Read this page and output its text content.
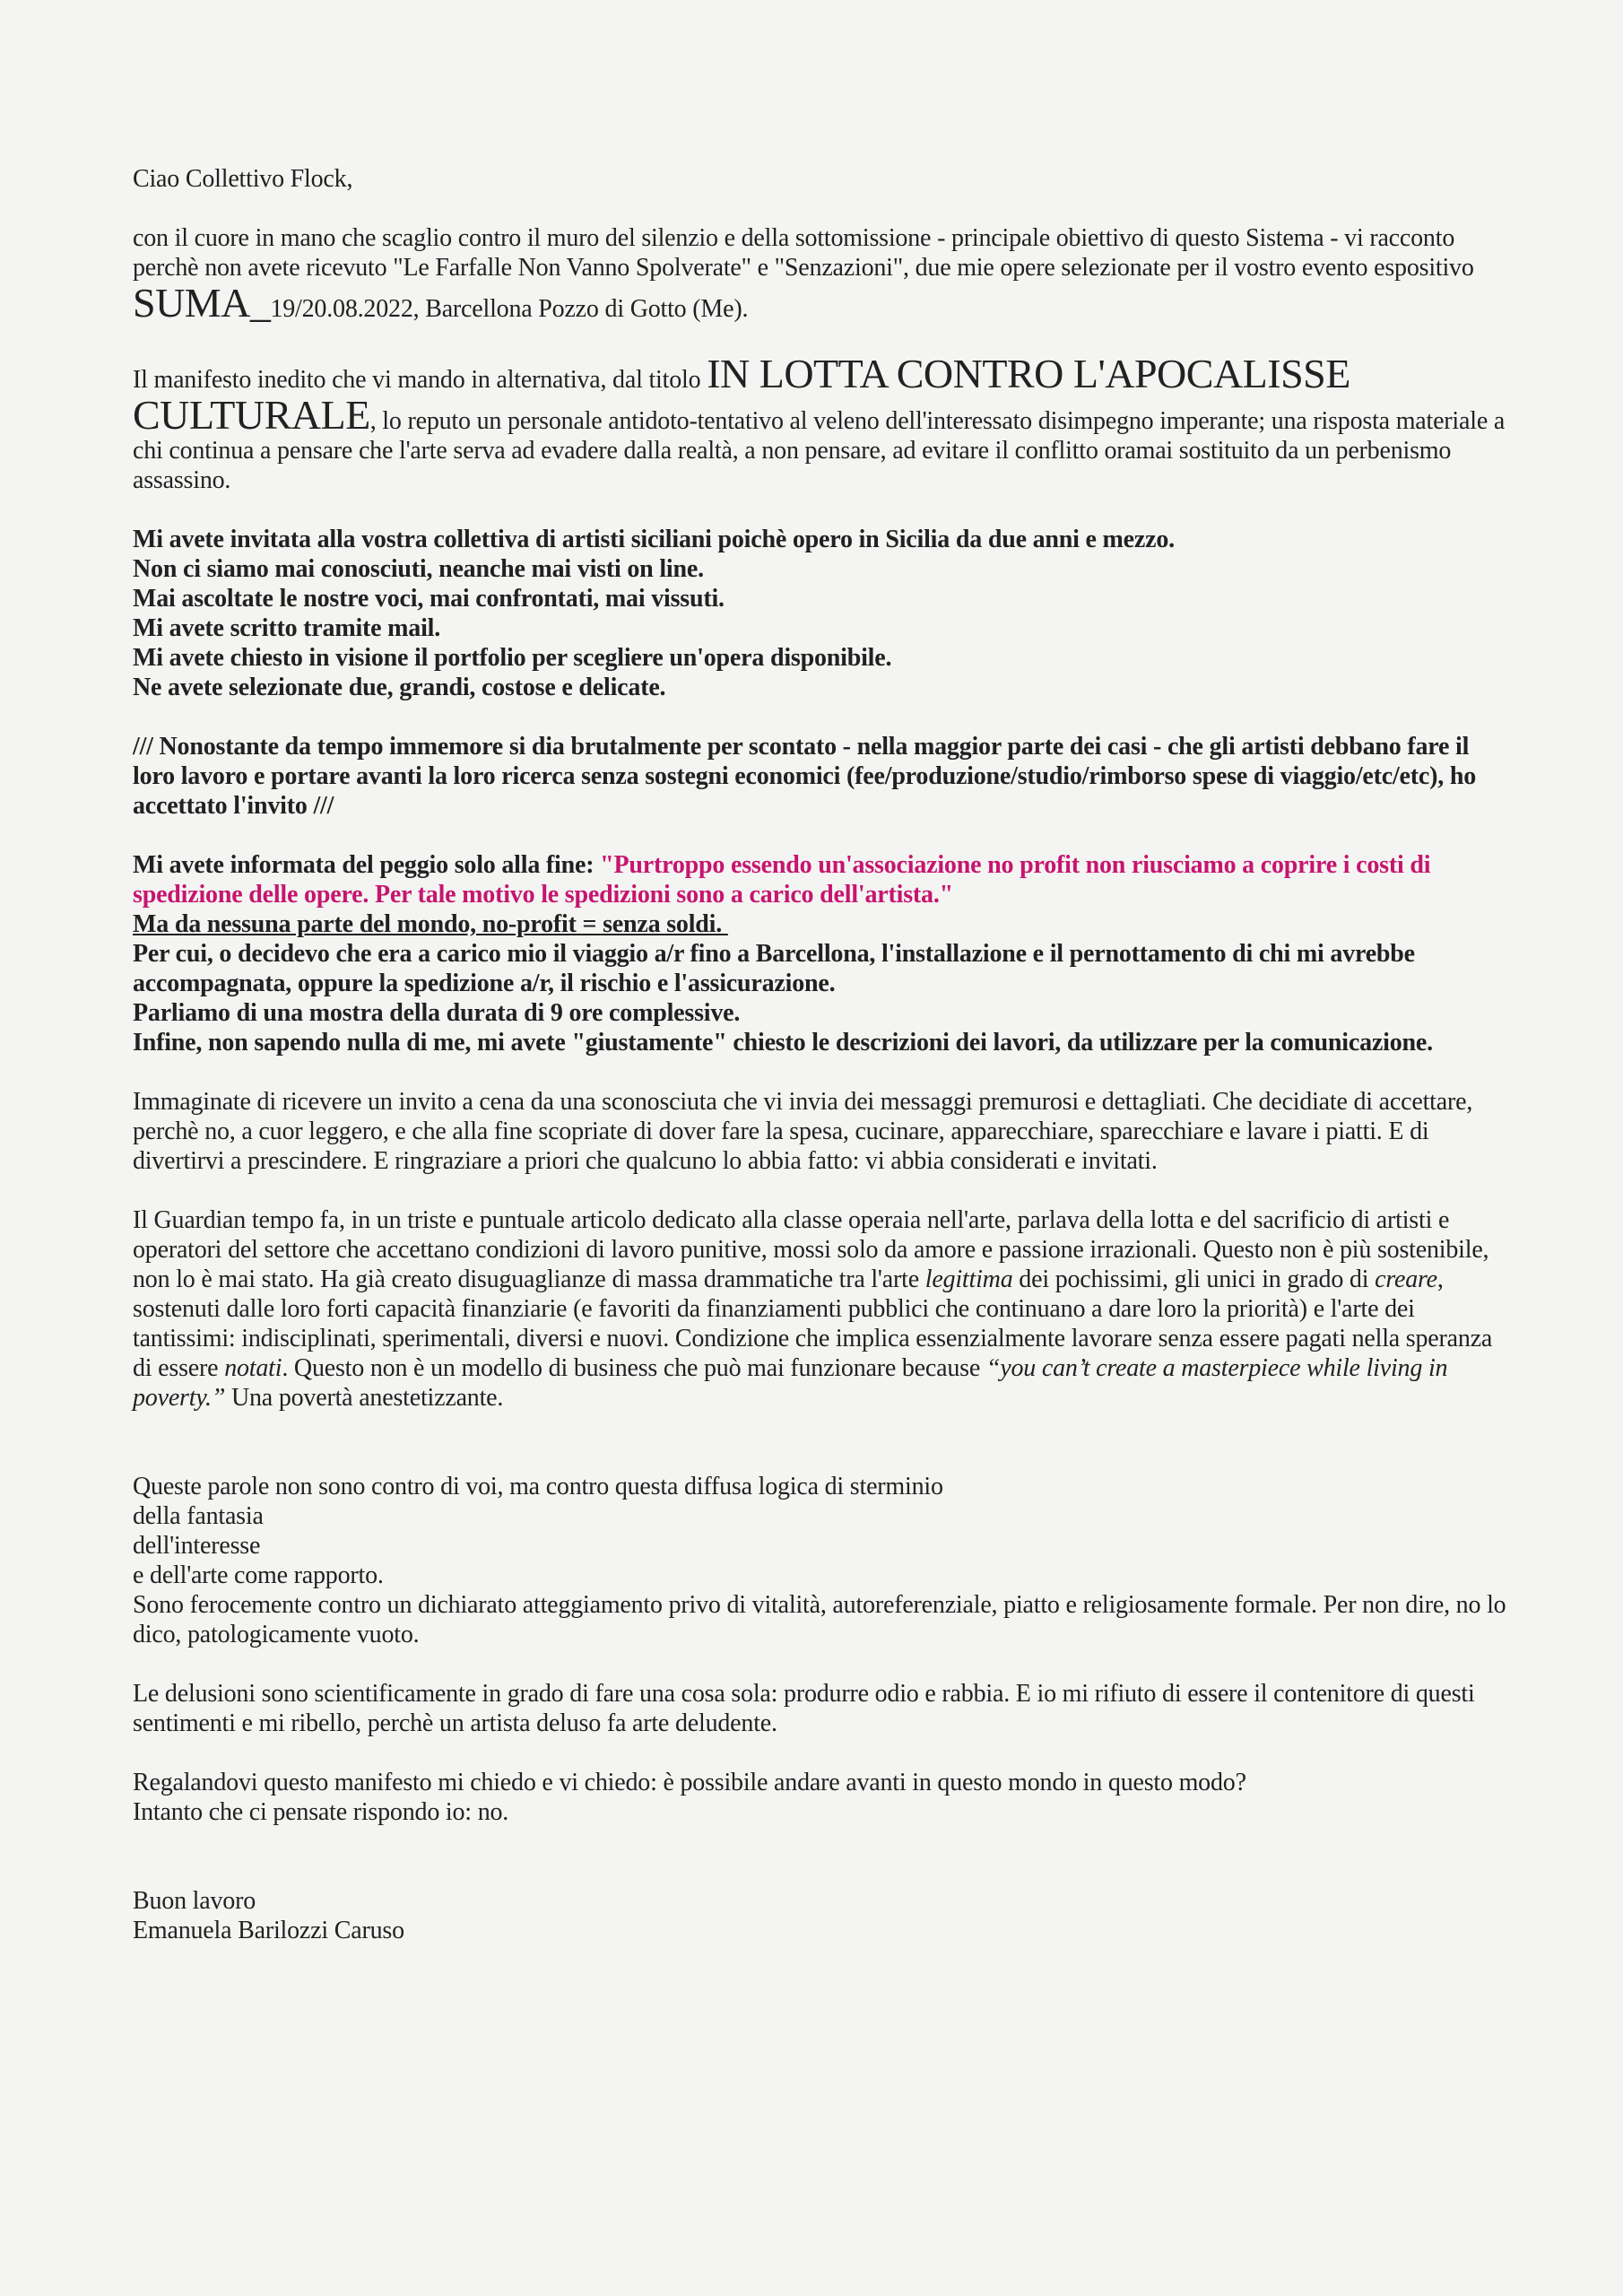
Ciao Collettivo Flock,

con il cuore in mano che scaglio contro il muro del silenzio e della sottomissione - principale obiettivo di questo Sistema - vi racconto perchè non avete ricevuto "Le Farfalle Non Vanno Spolverate" e "Senzazioni", due mie opere selezionate per il vostro evento espositivo SUMA_19/20.08.2022, Barcellona Pozzo di Gotto (Me).

Il manifesto inedito che vi mando in alternativa, dal titolo IN LOTTA CONTRO L'APOCALISSE CULTURALE, lo reputo un personale antidoto-tentativo al veleno dell'interessato disimpegno imperante; una risposta materiale a chi continua a pensare che l'arte serva ad evadere dalla realtà, a non pensare, ad evitare il conflitto oramai sostituito da un perbenismo assassino.

Mi avete invitata alla vostra collettiva di artisti siciliani poichè opero in Sicilia da due anni e mezzo.
Non ci siamo mai conosciuti, neanche mai visti on line.
Mai ascoltate le nostre voci, mai confrontati, mai vissuti.
Mi avete scritto tramite mail.
Mi avete chiesto in visione il portfolio per scegliere un'opera disponibile.
Ne avete selezionate due, grandi, costose e delicate.

/// Nonostante da tempo immemore si dia brutalmente per scontato - nella maggior parte dei casi - che gli artisti debbano fare il loro lavoro e portare avanti la loro ricerca senza sostegni economici (fee/produzione/studio/rimborso spese di viaggio/etc/etc), ho accettato l'invito ///

Mi avete informata del peggio solo alla fine: "Purtroppo essendo un'associazione no profit non riusciamo a coprire i costi di spedizione delle opere. Per tale motivo le spedizioni sono a carico dell'artista."
Ma da nessuna parte del mondo, no-profit = senza soldi.
Per cui, o decidevo che era a carico mio il viaggio a/r fino a Barcellona, l'installazione e il pernottamento di chi mi avrebbe accompagnata, oppure la spedizione a/r, il rischio e l'assicurazione.
Parliamo di una mostra della durata di 9 ore complessive.
Infine, non sapendo nulla di me, mi avete "giustamente" chiesto le descrizioni dei lavori, da utilizzare per la comunicazione.

Immaginate di ricevere un invito a cena da una sconosciuta che vi invia dei messaggi premurosi e dettagliati. Che decidiate di accettare, perchè no, a cuor leggero, e che alla fine scopriate di dover fare la spesa, cucinare, apparecchiare, sparecchiare e lavare i piatti. E di divertirvi a prescindere. E ringraziare a priori che qualcuno lo abbia fatto: vi abbia considerati e invitati.

Il Guardian tempo fa, in un triste e puntuale articolo dedicato alla classe operaia nell'arte, parlava della lotta e del sacrificio di artisti e operatori del settore che accettano condizioni di lavoro punitive, mossi solo da amore e passione irrazionali. Questo non è più sostenibile, non lo è mai stato. Ha già creato disuguaglianze di massa drammatiche tra l'arte legittima dei pochissimi, gli unici in grado di creare, sostenuti dalle loro forti capacità finanziarie (e favoriti da finanziamenti pubblici che continuano a dare loro la priorità) e l'arte dei tantissimi: indisciplinati, sperimentali, diversi e nuovi. Condizione che implica essenzialmente lavorare senza essere pagati nella speranza di essere notati. Questo non è un modello di business che può mai funzionare because “you can’t create a masterpiece while living in poverty.” Una povertà anestetizzante.

Queste parole non sono contro di voi, ma contro questa diffusa logica di sterminio
della fantasia
dell'interesse
e dell'arte come rapporto.
Sono ferocemente contro un dichiarato atteggiamento privo di vitalità, autoreferenziale, piatto e religiosamente formale. Per non dire, no lo dico, patologicamente vuoto.

Le delusioni sono scientificamente in grado di fare una cosa sola: produrre odio e rabbia. E io mi rifiuto di essere il contenitore di questi sentimenti e mi ribello, perchè un artista deluso fa arte deludente.

Regalandovi questo manifesto mi chiedo e vi chiedo: è possibile andare avanti in questo mondo in questo modo?
Intanto che ci pensate rispondo io: no.

Buon lavoro
Emanuela Barilozzi Caruso
